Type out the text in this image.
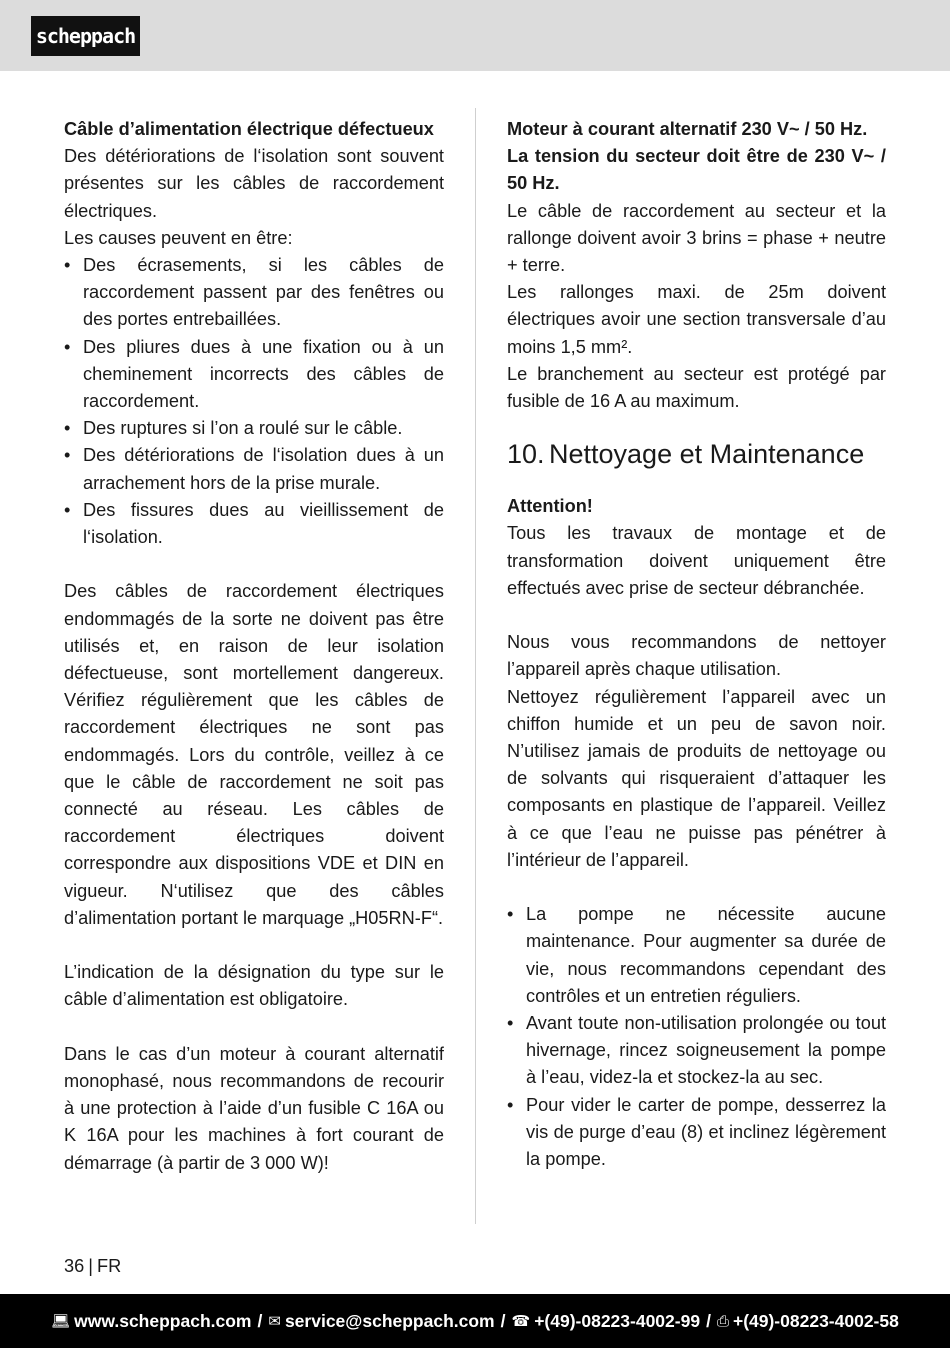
scheppach

Câble d’alimentation électrique défectueux

Des détériorations de l‘isolation sont souvent présentes sur les câbles de raccordement électriques.

Les causes peuvent en être:

• Des écrasements, si les câbles de raccordement passent par des fenêtres ou des portes entrebaillées.
• Des pliures dues à une fixation ou à un cheminement incorrects des câbles de raccordement.
• Des ruptures si l’on a roulé sur le câble.
• Des détériorations de l‘isolation dues à un arrachement hors de la prise murale.
• Des fissures dues au vieillissement de l‘isolation.

Des câbles de raccordement électriques endommagés de la sorte ne doivent pas être utilisés et, en raison de leur isolation défectueuse, sont mortellement dangereux. Vérifiez régulièrement que les câbles de raccordement électriques ne sont pas endommagés. Lors du contrôle, veillez à ce que le câble de raccordement ne soit pas connecté au réseau. Les câbles de raccordement électriques doivent correspondre aux dispositions VDE et DIN en vigueur. N‘utilisez que des câbles d’alimentation portant le marquage „H05RN-F“.

L’indication de la désignation du type sur le câble d’alimentation est obligatoire.

Dans le cas d’un moteur à courant alternatif monophasé, nous recommandons de recourir à une protection à l’aide d’un fusible C 16A ou K 16A pour les machines à fort courant de démarrage (à partir de 3 000 W)!

Moteur à courant alternatif 230 V~ / 50 Hz.

La tension du secteur doit être de 230 V~ / 50 Hz.

Le câble de raccordement au secteur et la rallonge doivent avoir 3 brins = phase + neutre + terre.

Les rallonges maxi. de 25m doivent électriques avoir une section transversale d’au moins 1,5 mm².

Le branchement au secteur est protégé par fusible de 16 A au maximum.

10. Nettoyage et Maintenance

Attention!

Tous les travaux de montage et de transformation doivent uniquement être effectués avec prise de secteur débranchée.

Nous vous recommandons de nettoyer l’appareil après chaque utilisation.

Nettoyez régulièrement l’appareil avec un chiffon humide et un peu de savon noir. N’utilisez jamais de produits de nettoyage ou de solvants qui risqueraient d’attaquer les composants en plastique de l’appareil. Veillez à ce que l’eau ne puisse pas pénétrer à l’intérieur de l’appareil.

• La pompe ne nécessite aucune maintenance. Pour augmenter sa durée de vie, nous recommandons cependant des contrôles et un entretien réguliers.
• Avant toute non-utilisation prolongée ou tout hivernage, rincez soigneusement la pompe à l’eau, videz-la et stockez-la au sec.
• Pour vider le carter de pompe, desserrez la vis de purge d’eau (8) et inclinez légèrement la pompe.
36 | FR
💻︎ www.scheppach.com / ✉ service@scheppach.com / ☎ +(49)-08223-4002-99 / ⎙ +(49)-08223-4002-58
